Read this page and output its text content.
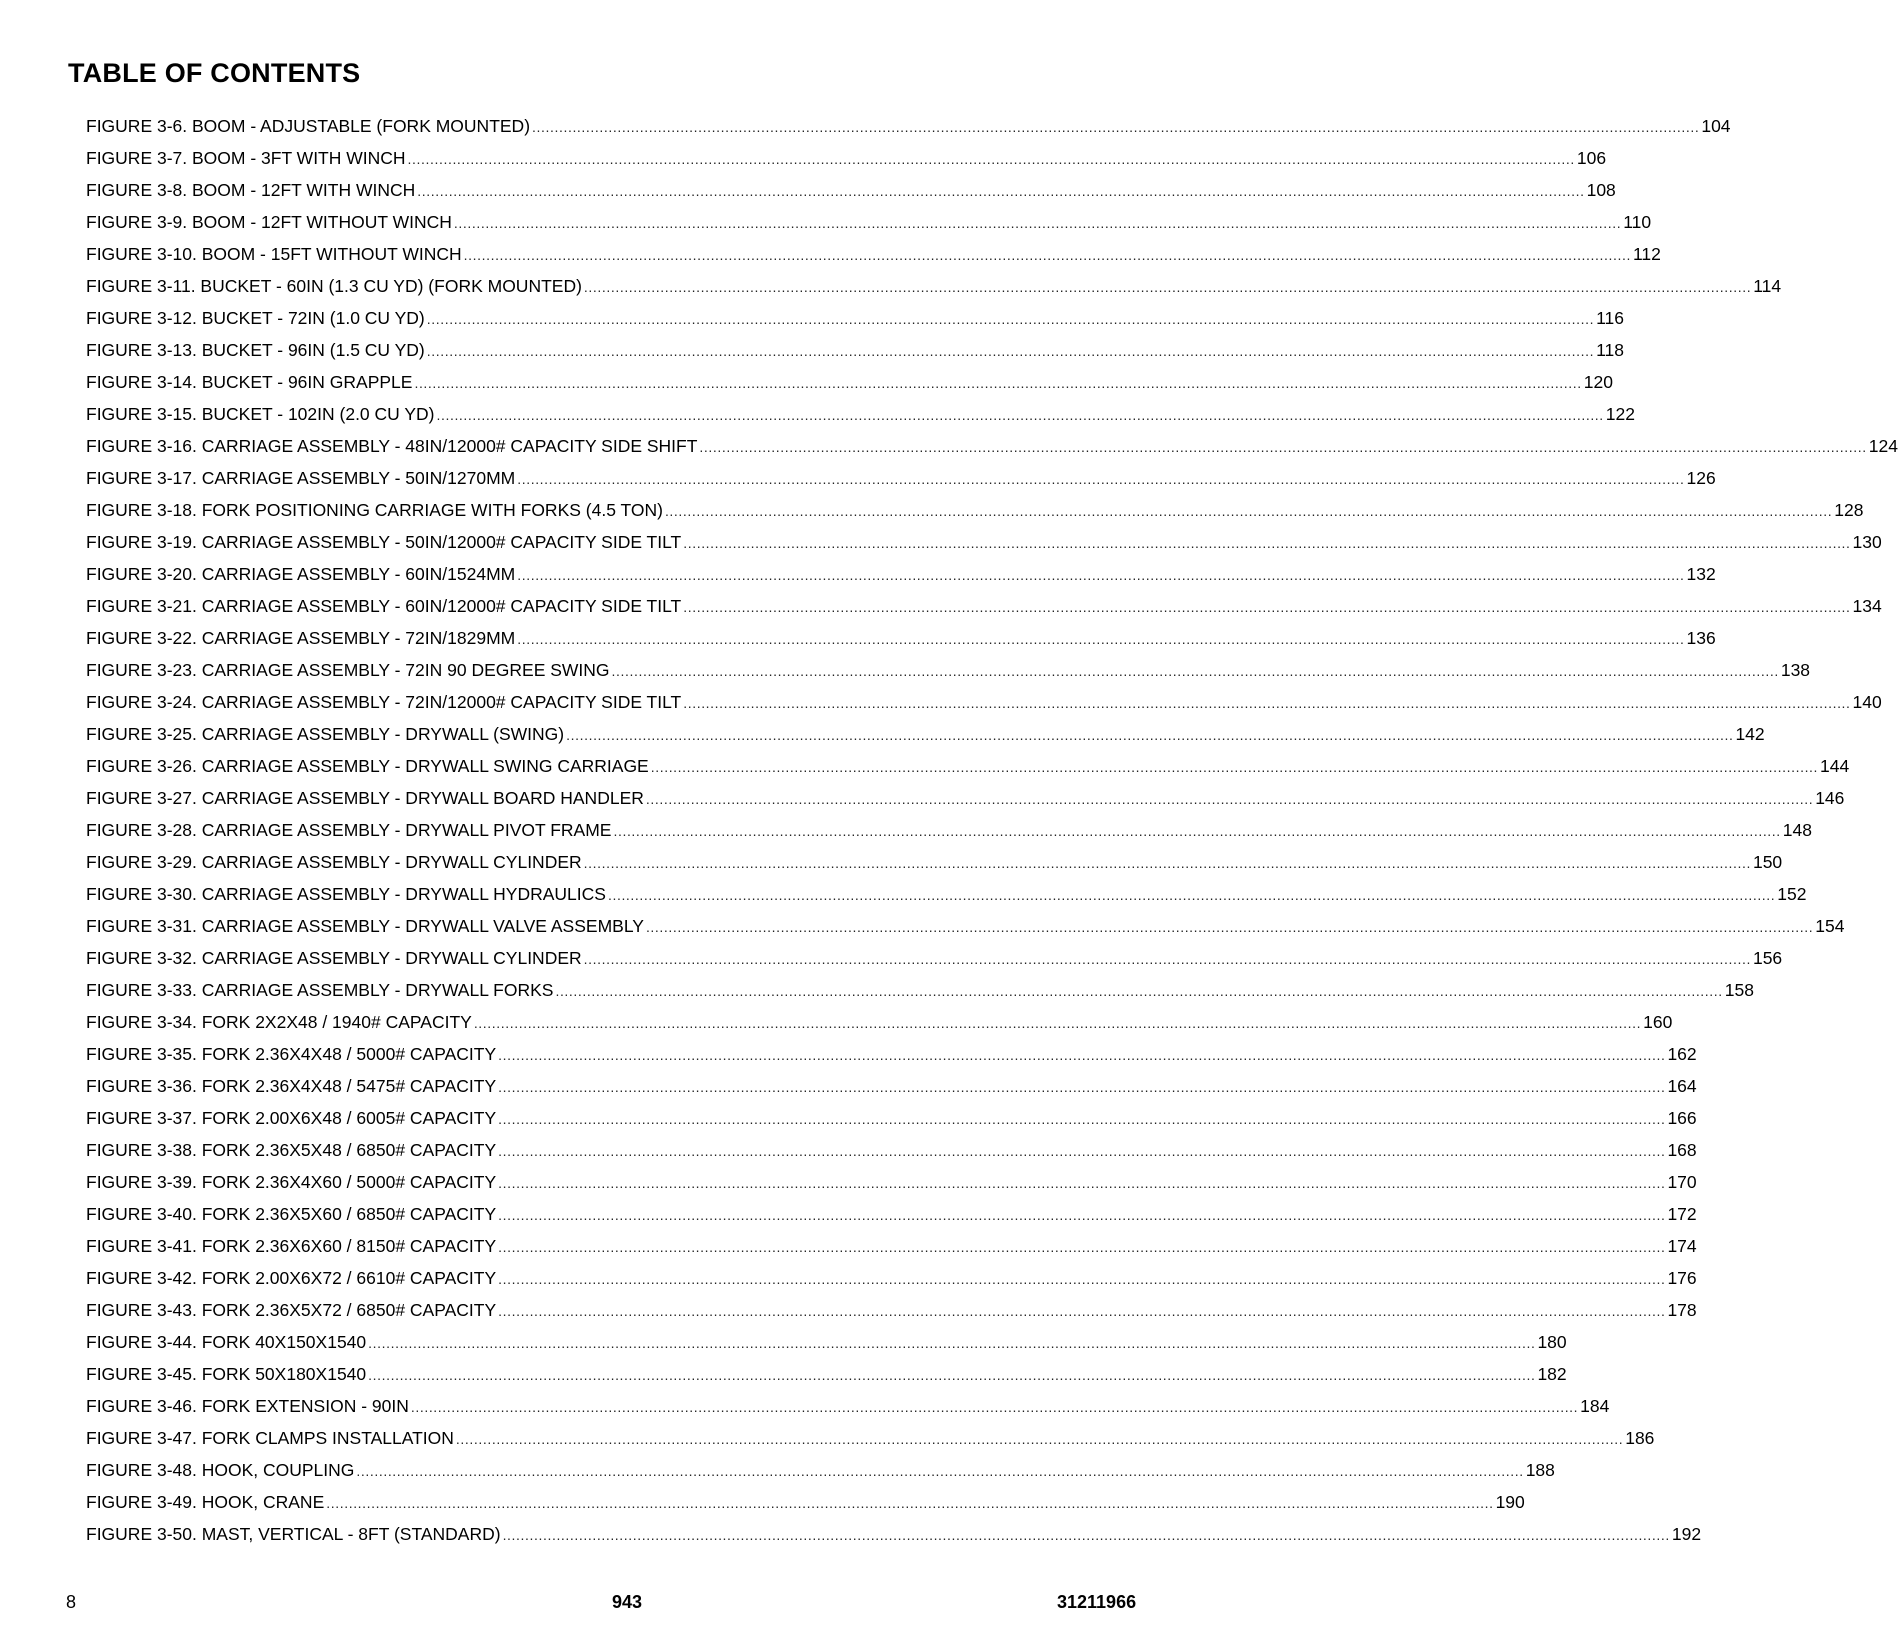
TABLE OF CONTENTS
FIGURE 3-6. BOOM - ADJUSTABLE (FORK MOUNTED) .................................................................................................................................................................................................................................................................... 104
FIGURE 3-7. BOOM - 3FT WITH WINCH .................................................................................................................................................................................................................................................................... 106
FIGURE 3-8. BOOM - 12FT WITH WINCH .................................................................................................................................................................................................................................................................... 108
FIGURE 3-9. BOOM - 12FT WITHOUT WINCH .................................................................................................................................................................................................................................................................... 110
FIGURE 3-10. BOOM - 15FT WITHOUT WINCH .................................................................................................................................................................................................................................................................... 112
FIGURE 3-11. BUCKET - 60IN (1.3 CU YD) (FORK MOUNTED) .................................................................................................................................................................................................................................................................... 114
FIGURE 3-12. BUCKET - 72IN (1.0 CU YD) .................................................................................................................................................................................................................................................................... 116
FIGURE 3-13. BUCKET - 96IN (1.5 CU YD) .................................................................................................................................................................................................................................................................... 118
FIGURE 3-14. BUCKET - 96IN GRAPPLE .................................................................................................................................................................................................................................................................... 120
FIGURE 3-15. BUCKET - 102IN (2.0 CU YD) .................................................................................................................................................................................................................................................................... 122
FIGURE 3-16. CARRIAGE ASSEMBLY - 48IN/12000# CAPACITY SIDE SHIFT .................................................................................................................................................................................................................................................................... 124
FIGURE 3-17. CARRIAGE ASSEMBLY - 50IN/1270MM .................................................................................................................................................................................................................................................................... 126
FIGURE 3-18. FORK POSITIONING CARRIAGE WITH FORKS (4.5 TON) .................................................................................................................................................................................................................................................................... 128
FIGURE 3-19. CARRIAGE ASSEMBLY - 50IN/12000# CAPACITY SIDE TILT .................................................................................................................................................................................................................................................................... 130
FIGURE 3-20. CARRIAGE ASSEMBLY - 60IN/1524MM .................................................................................................................................................................................................................................................................... 132
FIGURE 3-21. CARRIAGE ASSEMBLY - 60IN/12000# CAPACITY SIDE TILT .................................................................................................................................................................................................................................................................... 134
FIGURE 3-22. CARRIAGE ASSEMBLY - 72IN/1829MM .................................................................................................................................................................................................................................................................... 136
FIGURE 3-23. CARRIAGE ASSEMBLY - 72IN 90 DEGREE SWING .................................................................................................................................................................................................................................................................... 138
FIGURE 3-24. CARRIAGE ASSEMBLY - 72IN/12000# CAPACITY SIDE TILT .................................................................................................................................................................................................................................................................... 140
FIGURE 3-25. CARRIAGE ASSEMBLY - DRYWALL (SWING) .................................................................................................................................................................................................................................................................... 142
FIGURE 3-26. CARRIAGE ASSEMBLY - DRYWALL SWING CARRIAGE .................................................................................................................................................................................................................................................................... 144
FIGURE 3-27. CARRIAGE ASSEMBLY - DRYWALL BOARD HANDLER .................................................................................................................................................................................................................................................................... 146
FIGURE 3-28. CARRIAGE ASSEMBLY - DRYWALL PIVOT FRAME .................................................................................................................................................................................................................................................................... 148
FIGURE 3-29. CARRIAGE ASSEMBLY - DRYWALL CYLINDER .................................................................................................................................................................................................................................................................... 150
FIGURE 3-30. CARRIAGE ASSEMBLY - DRYWALL HYDRAULICS .................................................................................................................................................................................................................................................................... 152
FIGURE 3-31. CARRIAGE ASSEMBLY - DRYWALL VALVE ASSEMBLY .................................................................................................................................................................................................................................................................... 154
FIGURE 3-32. CARRIAGE ASSEMBLY - DRYWALL CYLINDER .................................................................................................................................................................................................................................................................... 156
FIGURE 3-33. CARRIAGE ASSEMBLY - DRYWALL FORKS .................................................................................................................................................................................................................................................................... 158
FIGURE 3-34. FORK 2X2X48 / 1940# CAPACITY .................................................................................................................................................................................................................................................................... 160
FIGURE 3-35. FORK 2.36X4X48 / 5000# CAPACITY .................................................................................................................................................................................................................................................................... 162
FIGURE 3-36. FORK 2.36X4X48 / 5475# CAPACITY .................................................................................................................................................................................................................................................................... 164
FIGURE 3-37. FORK 2.00X6X48 / 6005# CAPACITY .................................................................................................................................................................................................................................................................... 166
FIGURE 3-38. FORK 2.36X5X48 / 6850# CAPACITY .................................................................................................................................................................................................................................................................... 168
FIGURE 3-39. FORK 2.36X4X60 / 5000# CAPACITY .................................................................................................................................................................................................................................................................... 170
FIGURE 3-40. FORK 2.36X5X60 / 6850# CAPACITY .................................................................................................................................................................................................................................................................... 172
FIGURE 3-41. FORK 2.36X6X60 / 8150# CAPACITY .................................................................................................................................................................................................................................................................... 174
FIGURE 3-42. FORK 2.00X6X72 / 6610# CAPACITY .................................................................................................................................................................................................................................................................... 176
FIGURE 3-43. FORK 2.36X5X72 / 6850# CAPACITY .................................................................................................................................................................................................................................................................... 178
FIGURE 3-44. FORK 40X150X1540 .................................................................................................................................................................................................................................................................... 180
FIGURE 3-45. FORK 50X180X1540 .................................................................................................................................................................................................................................................................... 182
FIGURE 3-46. FORK EXTENSION - 90IN .................................................................................................................................................................................................................................................................... 184
FIGURE 3-47. FORK CLAMPS INSTALLATION .................................................................................................................................................................................................................................................................... 186
FIGURE 3-48. HOOK, COUPLING .................................................................................................................................................................................................................................................................... 188
FIGURE 3-49. HOOK, CRANE .................................................................................................................................................................................................................................................................... 190
FIGURE 3-50. MAST, VERTICAL - 8FT (STANDARD) .................................................................................................................................................................................................................................................................... 192
8	943	31211966
